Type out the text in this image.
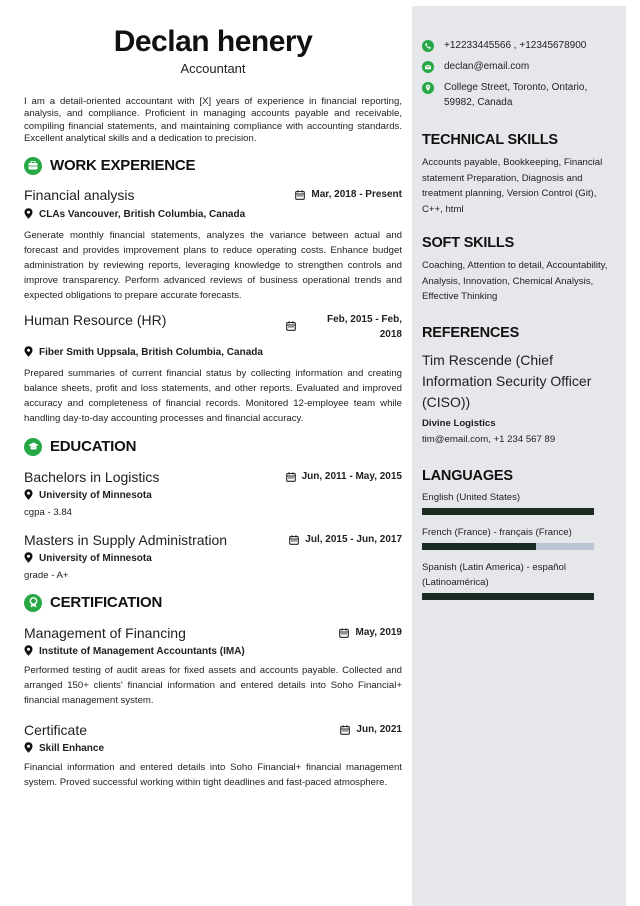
Declan henery
Accountant
I am a detail-oriented accountant with [X] years of experience in financial reporting, analysis, and compliance. Proficient in managing accounts payable and receivable, compiling financial statements, and maintaining compliance with accounting standards. Excellent analytical skills and a dedication to precision.
WORK EXPERIENCE
Financial analysis	Mar, 2018 - Present
CLAs Vancouver, British Columbia, Canada
Generate monthly financial statements, analyzes the variance between actual and forecast and provides improvement plans to reduce operating costs. Enhance budget administration by reviewing reports, leveraging knowledge to strengthen controls and improve transparency. Perform advanced reviews of business operational trends and expected obligations to prepare accurate forecasts.
Human Resource (HR)	Feb, 2015 - Feb, 2018
Fiber Smith Uppsala, British Columbia, Canada
Prepared summaries of current financial status by collecting information and creating balance sheets, profit and loss statements, and other reports. Evaluated and improved accuracy and completeness of financial records. Monitored 12-employee team while handling day-to-day accounting processes and financial accuracy.
EDUCATION
Bachelors in Logistics	Jun, 2011 - May, 2015
University of Minnesota
cgpa - 3.84
Masters in Supply Administration	Jul, 2015 - Jun, 2017
University of Minnesota
grade - A+
CERTIFICATION
Management of Financing	May, 2019
Institute of Management Accountants (IMA)
Performed testing of audit areas for fixed assets and accounts payable. Collected and arranged 150+ clients' financial information and entered details into Soho Financial+ financial management system.
Certificate	Jun, 2021
Skill Enhance
Financial information and entered details into Soho Financial+ financial management system. Proved successful working within tight deadlines and fast-paced atmosphere.
+12233445566 , +12345678900
declan@email.com
College Street, Toronto, Ontario, 59982, Canada
TECHNICAL SKILLS
Accounts payable, Bookkeeping, Financial statement Preparation, Diagnosis and treatment planning, Version Control (Git), C++, html
SOFT SKILLS
Coaching, Attention to detail, Accountability, Analysis, Innovation, Chemical Analysis, Effective Thinking
REFERENCES
Tim Rescende (Chief Information Security Officer (CISO))
Divine Logistics
tim@email.com, +1 234 567 89
LANGUAGES
English (United States)
French (France) - français (France)
Spanish (Latin America) - español (Latinoamérica)
